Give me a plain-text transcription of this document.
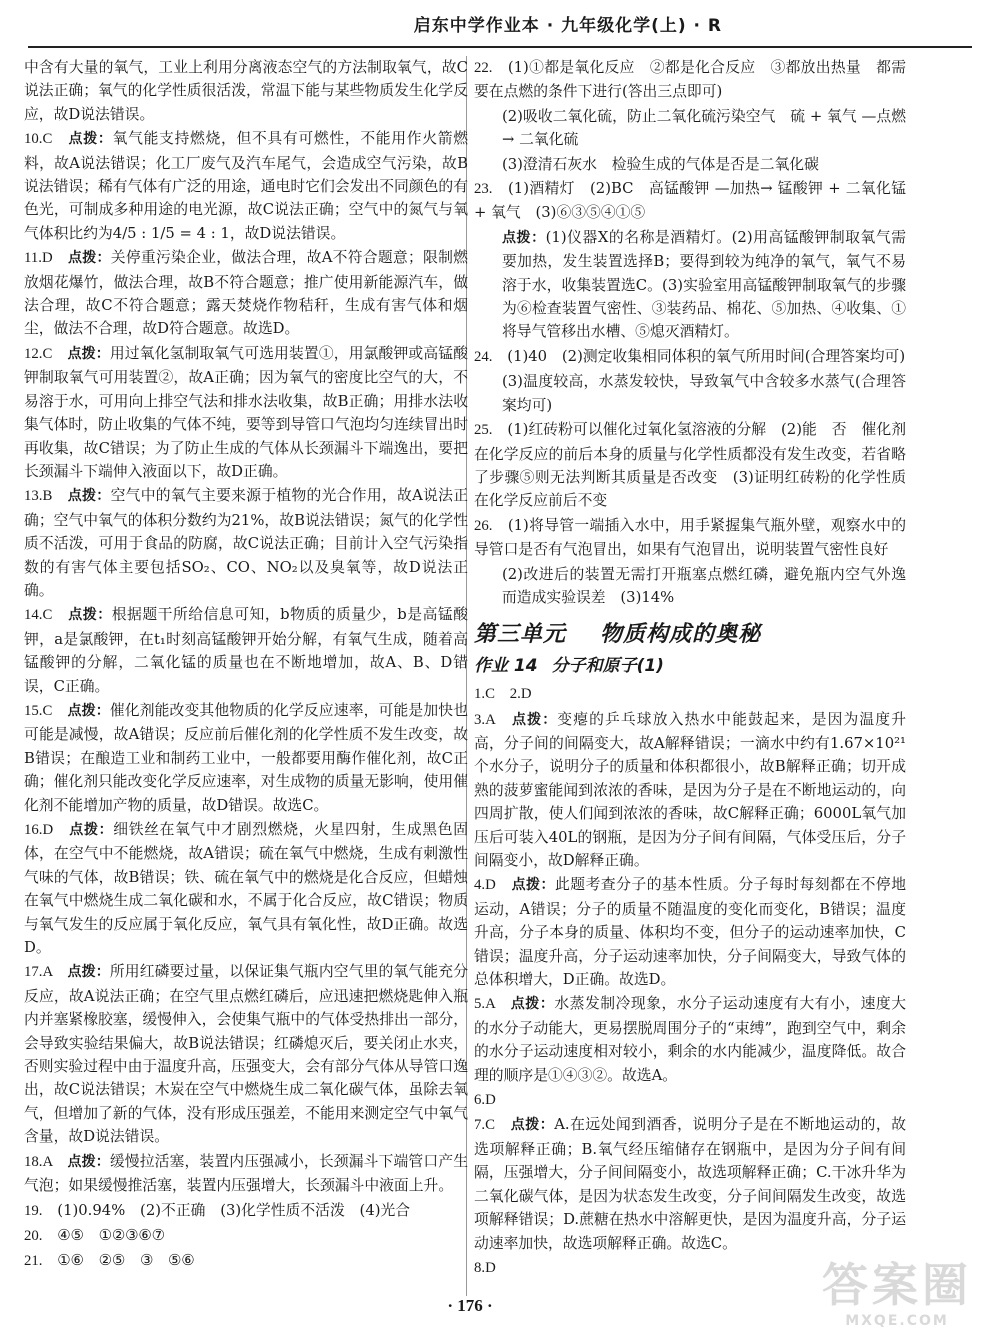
启东中学作业本 · 九年级化学(上) · R
中含有大量的氧气，工业上利用分离液态空气的方法制取氧气，故C说法正确；氧气的化学性质很活泼，常温下能与某些物质发生化学反应，故D说法错误。
10.C　点拨：氧气能支持燃烧，但不具有可燃性，不能用作火箭燃料，故A说法错误；化工厂废气及汽车尾气，会造成空气污染，故B说法错误；稀有气体有广泛的用途，通电时它们会发出不同颜色的有色光，可制成多种用途的电光源，故C说法正确；空气中的氮气与氧气体积比约为4/5 : 1/5 = 4 : 1，故D说法错误。
11.D　点拨：关停重污染企业，做法合理，故A不符合题意；限制燃放烟花爆竹，做法合理，故B不符合题意；推广使用新能源汽车，做法合理，故C不符合题意；露天焚烧作物秸秆，生成有害气体和烟尘，做法不合理，故D符合题意。故选D。
12.C　点拨：用过氧化氢制取氧气可选用装置①，用氯酸钾或高锰酸钾制取氧气可用装置②，故A正确；因为氧气的密度比空气的大，不易溶于水，可用向上排空气法和排水法收集，故B正确；用排水法收集气体时，防止收集的气体不纯，要等到导管口气泡均匀连续冒出时再收集，故C错误；为了防止生成的气体从长颈漏斗下端逸出，要把长颈漏斗下端伸入液面以下，故D正确。
13.B　点拨：空气中的氧气主要来源于植物的光合作用，故A说法正确；空气中氧气的体积分数约为21%，故B说法错误；氮气的化学性质不活泼，可用于食品的防腐，故C说法正确；目前计入空气污染指数的有害气体主要包括SO₂、CO、NO₂以及臭氧等，故D说法正确。
14.C　点拨：根据题干所给信息可知，b物质的质量少，b是高锰酸钾，a是氯酸钾，在t₁时刻高锰酸钾开始分解，有氧气生成，随着高锰酸钾的分解，二氧化锰的质量也在不断地增加，故A、B、D错误，C正确。
15.C　点拨：催化剂能改变其他物质的化学反应速率，可能是加快也可能是减慢，故A错误；反应前后催化剂的化学性质不发生改变，故B错误；在酿造工业和制药工业中，一般都要用酶作催化剂，故C正确；催化剂只能改变化学反应速率，对生成物的质量无影响，使用催化剂不能增加产物的质量，故D错误。故选C。
16.D　点拨：细铁丝在氧气中才剧烈燃烧，火星四射，生成黑色固体，在空气中不能燃烧，故A错误；硫在氧气中燃烧，生成有刺激性气味的气体，故B错误；铁、硫在氧气中的燃烧是化合反应，但蜡烛在氧气中燃烧生成二氧化碳和水，不属于化合反应，故C错误；物质与氧气发生的反应属于氧化反应，氧气具有氧化性，故D正确。故选D。
17.A　点拨：所用红磷要过量，以保证集气瓶内空气里的氧气能充分反应，故A说法正确；在空气里点燃红磷后，应迅速把燃烧匙伸入瓶内并塞紧橡胶塞，缓慢伸入，会使集气瓶中的气体受热排出一部分，会导致实验结果偏大，故B说法错误；红磷熄灭后，要关闭止水夹，否则实验过程中由于温度升高，压强变大，会有部分气体从导管口逸出，故C说法错误；木炭在空气中燃烧生成二氧化碳气体，虽除去氧气，但增加了新的气体，没有形成压强差，不能用来测定空气中氧气含量，故D说法错误。
18.A　点拨：缓慢拉活塞，装置内压强减小，长颈漏斗下端管口产生气泡；如果缓慢推活塞，装置内压强增大，长颈漏斗中液面上升。
19.　(1)0.94%　(2)不正确　(3)化学性质不活泼　(4)光合
20.　④⑤　①②③⑥⑦
21.　①⑥　②⑤　③　⑤⑥
22.　(1)①都是氧化反应　②都是化合反应　③都放出热量　都需要在点燃的条件下进行(答出三点即可)
(2)吸收二氧化硫，防止二氧化硫污染空气　硫 + 氧气 —点燃→ 二氧化硫
(3)澄清石灰水　检验生成的气体是否是二氧化碳
23.　(1)酒精灯　(2)BC　高锰酸钾 —加热→ 锰酸钾 + 二氧化锰 + 氧气　(3)⑥③⑤④①⑤
点拨：(1)仪器X的名称是酒精灯。(2)用高锰酸钾制取氧气需要加热，发生装置选择B；要得到较为纯净的氧气，氧气不易溶于水，收集装置选C。(3)实验室用高锰酸钾制取氧气的步骤为⑥检查装置气密性、③装药品、棉花、⑤加热、④收集、①将导气管移出水槽、⑤熄灭酒精灯。
24.　(1)40　(2)测定收集相同体积的氧气所用时间(合理答案均可)
(3)温度较高，水蒸发较快，导致氧气中含较多水蒸气(合理答案均可)
25.　(1)红砖粉可以催化过氧化氢溶液的分解　(2)能　否　催化剂在化学反应的前后本身的质量与化学性质都没有发生改变，若省略了步骤⑤则无法判断其质量是否改变　(3)证明红砖粉的化学性质在化学反应前后不变
26.　(1)将导管一端插入水中，用手紧握集气瓶外壁，观察水中的导管口是否有气泡冒出，如果有气泡冒出，说明装置气密性良好
(2)改进后的装置无需打开瓶塞点燃红磷，避免瓶内空气外逸而造成实验误差　(3)14%
第三单元 物质构成的奥秘
作业 14 分子和原子(1)
1.C　2.D　
3.A　点拨：变瘪的乒乓球放入热水中能鼓起来，是因为温度升高，分子间的间隔变大，故A解释错误；一滴水中约有1.67×10²¹个水分子，说明分子的质量和体积都很小，故B解释正确；切开成熟的菠萝蜜能闻到浓浓的香味，是因为分子是在不断地运动的，向四周扩散，使人们闻到浓浓的香味，故C解释正确；6000L氧气加压后可装入40L的钢瓶，是因为分子间有间隔，气体受压后，分子间隔变小，故D解释正确。
4.D　点拨：此题考查分子的基本性质。分子每时每刻都在不停地运动，A错误；分子的质量不随温度的变化而变化，B错误；温度升高，分子本身的质量、体积均不变，但分子的运动速率加快，C错误；温度升高，分子运动速率加快，分子间隔变大，导致气体的总体积增大，D正确。故选D。
5.A　点拨：水蒸发制冷现象，水分子运动速度有大有小，速度大的水分子动能大，更易摆脱周围分子的“束缚”，跑到空气中，剩余的水分子运动速度相对较小，剩余的水内能减少，温度降低。故合理的顺序是①④③②。故选A。
6.D　
7.C　点拨：A.在远处闻到酒香，说明分子是在不断地运动的，故选项解释正确；B.氧气经压缩储存在钢瓶中，是因为分子间有间隔，压强增大，分子间间隔变小，故选项解释正确；C.干冰升华为二氧化碳气体，是因为状态发生改变，分子间间隔发生改变，故选项解释错误；D.蔗糖在热水中溶解更快，是因为温度升高，分子运动速率加快，故选项解释正确。故选C。
8.D　
· 176 ·	答案圈
MXQE.COM
